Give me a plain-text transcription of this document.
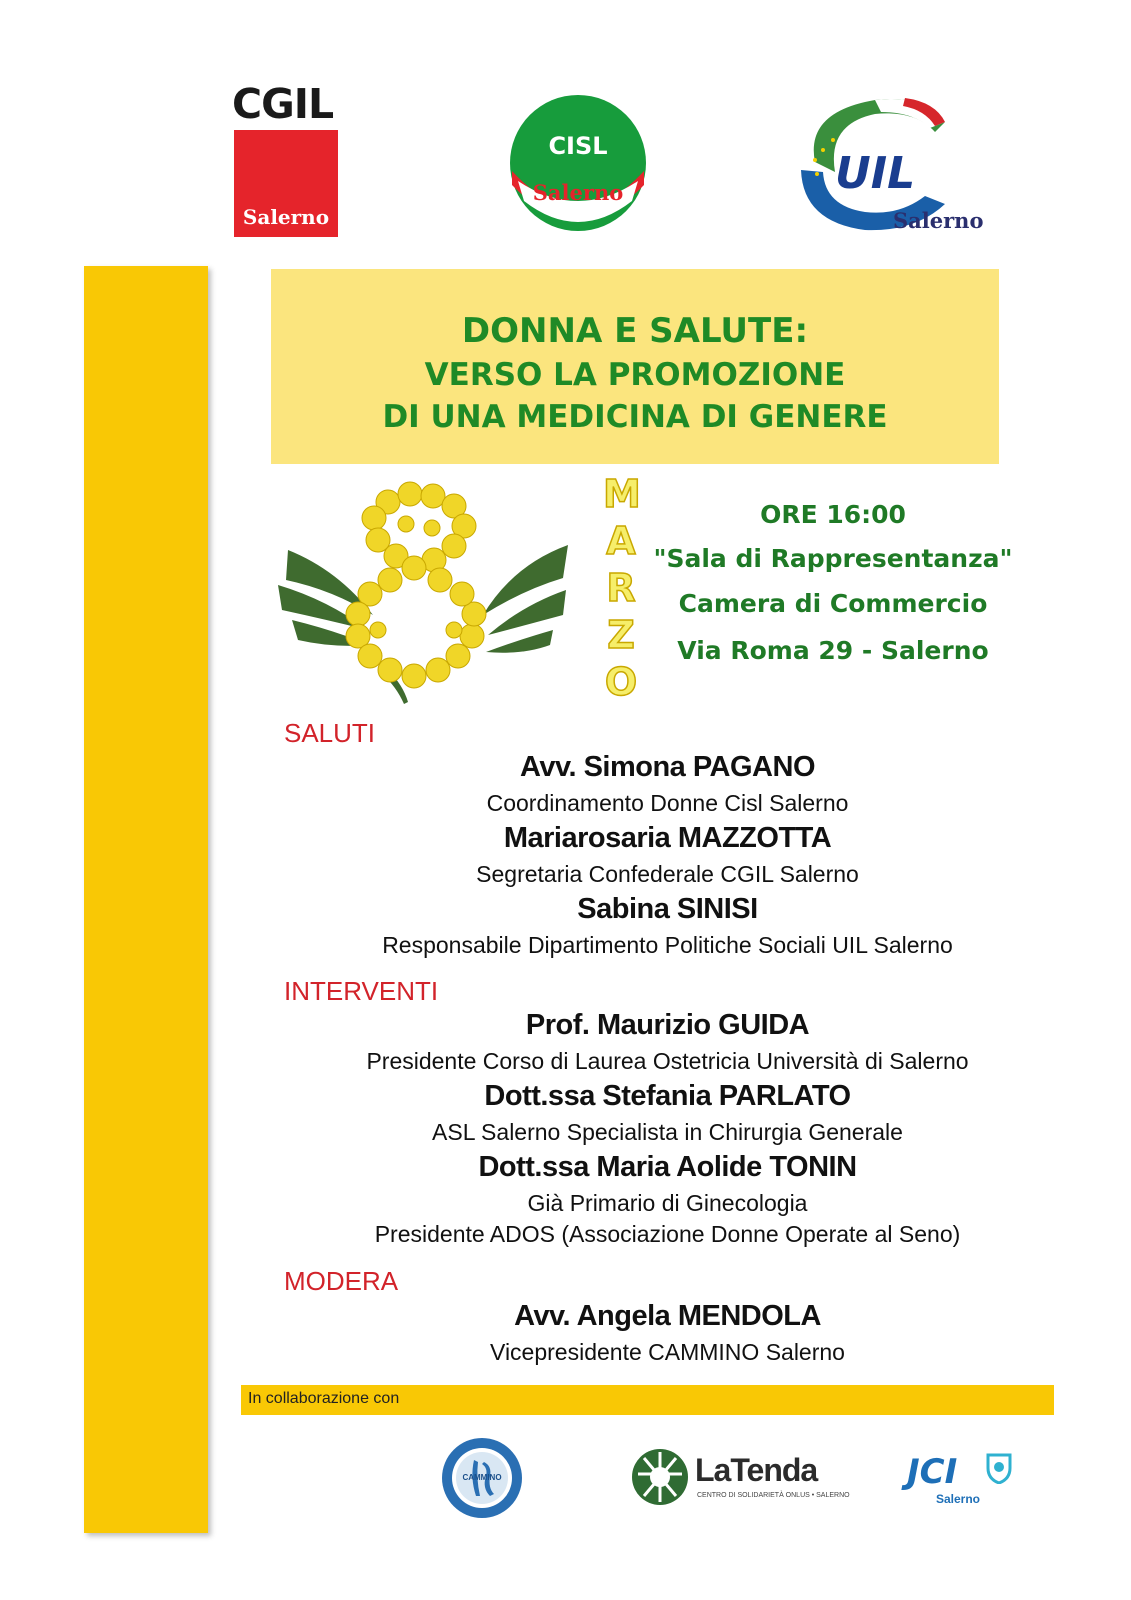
CGIL
Salerno
CISL
Salerno	UIL
Salerno
DONNA E SALUTE:
VERSO LA PROMOZIONE
DI UNA MEDICINA DI GENERE
M
A
R
Z
O
ORE 16:00
"Sala di Rappresentanza"
Camera di Commercio
Via Roma 29 - Salerno
SALUTI
Avv. Simona PAGANO
Coordinamento Donne Cisl Salerno
Mariarosaria MAZZOTTA
Segretaria Confederale CGIL Salerno
Sabina SINISI
Responsabile Dipartimento Politiche Sociali UIL Salerno
INTERVENTI
Prof. Maurizio GUIDA
Presidente Corso di Laurea Ostetricia Università di Salerno
Dott.ssa Stefania PARLATO
ASL Salerno Specialista in Chirurgia Generale
Dott.ssa Maria Aolide TONIN
Già Primario di Ginecologia
Presidente ADOS (Associazione Donne Operate al Seno)
MODERA
Avv. Angela MENDOLA
Vicepresidente CAMMINO Salerno
In collaborazione con
CAMMINO	LaTenda
CENTRO DI SOLIDARIETÀ ONLUS • SALERNO
JCI
Salerno
